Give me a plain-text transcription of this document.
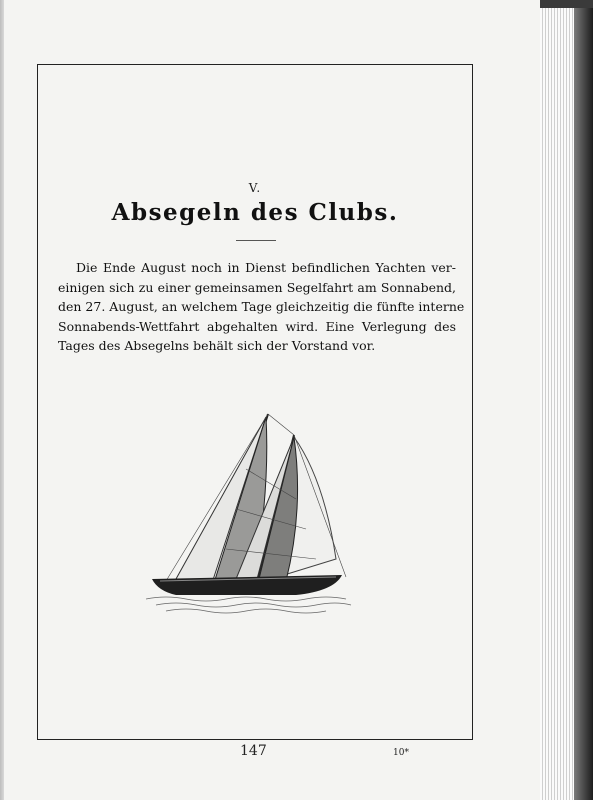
V.
Absegeln des Clubs.
Die Ende August noch in Dienst befindlichen Yachten ver-
einigen sich zu einer gemeinsamen Segelfahrt am Sonnabend,
den 27. August, an welchem Tage gleichzeitig die fünfte interne
Sonnabends-Wettfahrt abgehalten wird. Eine Verlegung des
Tages des Absegelns behält sich der Vorstand vor.
147	10*
